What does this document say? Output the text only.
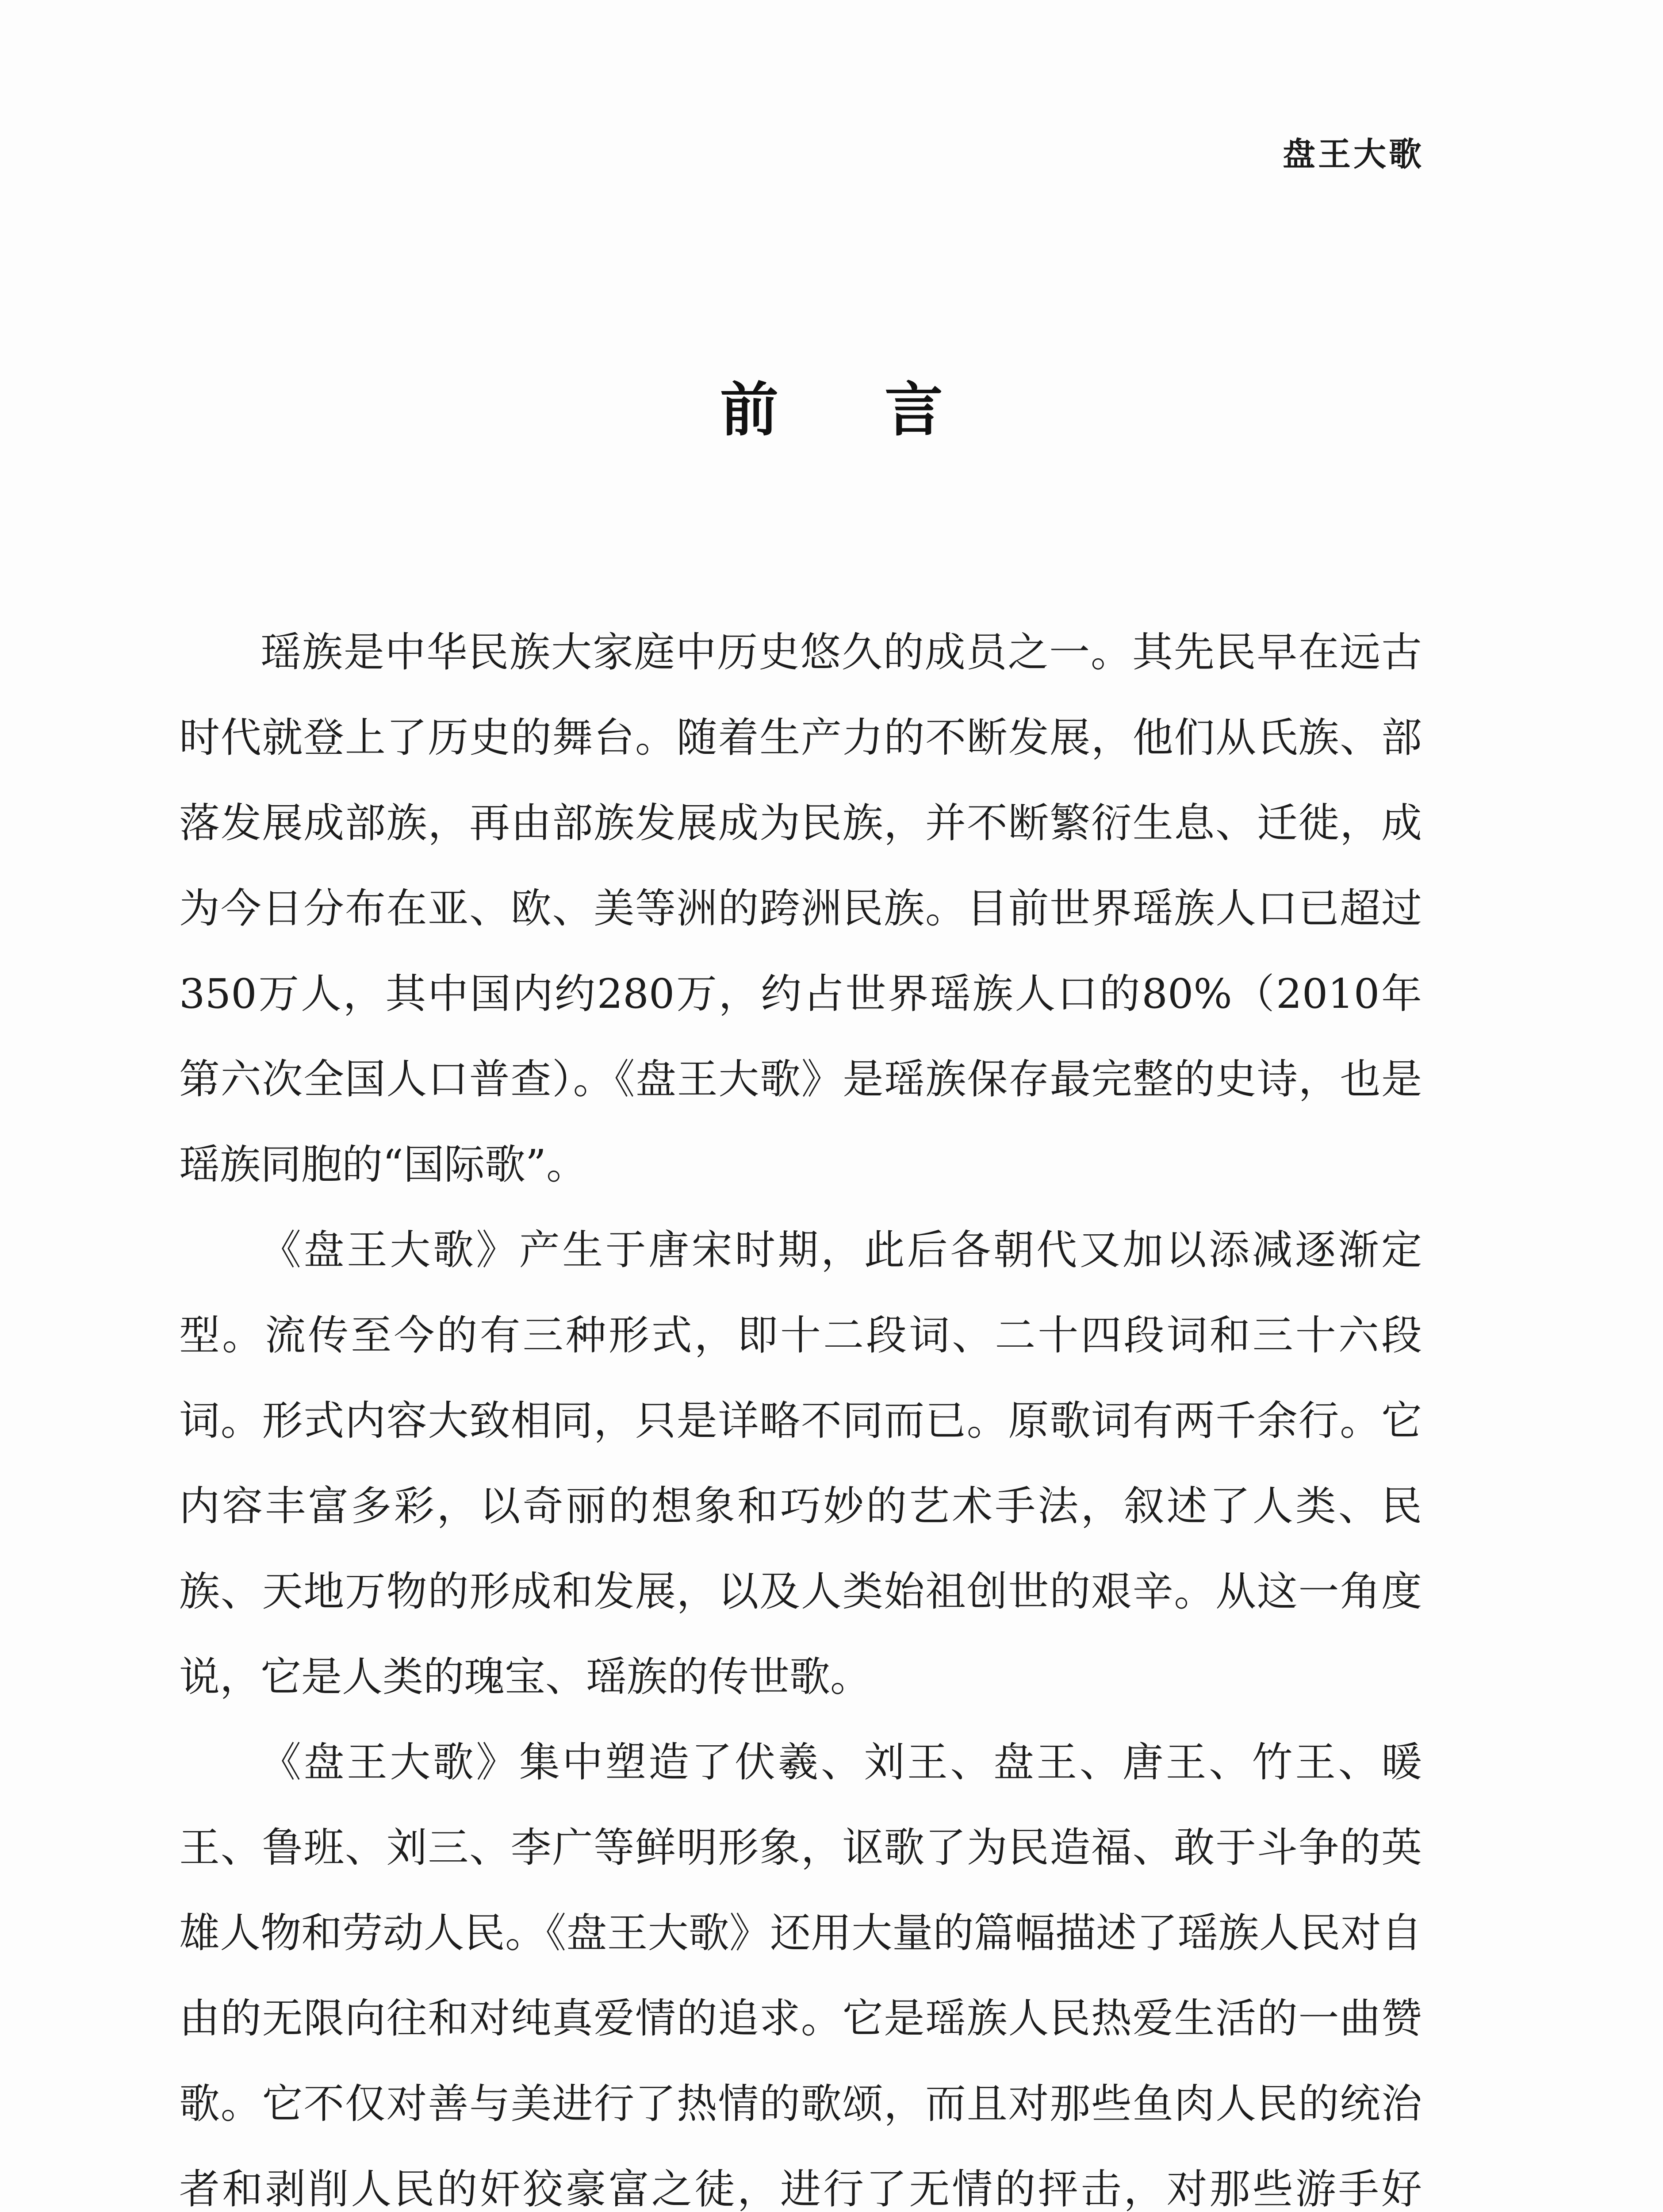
盘王大歌
前 言

瑶族是中华民族大家庭中历史悠久的成员之一。其先民早在远古时代就登上了历史的舞台。随着生产力的不断发展，他们从氏族、部落发展成部族，再由部族发展成为民族，并不断繁衍生息、迁徙，成为今日分布在亚、欧、美等洲的跨洲民族。目前世界瑶族人口已超过350万人，其中国内约280万，约占世界瑶族人口的80%（2010年第六次全国人口普查）。《盘王大歌》是瑶族保存最完整的史诗，也是瑶族同胞的“国际歌”。

《盘王大歌》产生于唐宋时期，此后各朝代又加以添减逐渐定型。流传至今的有三种形式，即十二段词、二十四段词和三十六段词。形式内容大致相同，只是详略不同而已。原歌词有两千余行。它内容丰富多彩，以奇丽的想象和巧妙的艺术手法，叙述了人类、民族、天地万物的形成和发展，以及人类始祖创世的艰辛。从这一角度说，它是人类的瑰宝、瑶族的传世歌。

《盘王大歌》集中塑造了伏羲、刘王、盘王、唐王、竹王、暖王、鲁班、刘三、李广等鲜明形象，讴歌了为民造福、敢于斗争的英雄人物和劳动人民。《盘王大歌》还用大量的篇幅描述了瑶族人民对自由的无限向往和对纯真爱情的追求。它是瑶族人民热爱生活的一曲赞歌。它不仅对善与美进行了热情的歌颂，而且对那些鱼肉人民的统治者和剥削人民的奸狡豪富之徒，进行了无情的抨击，对那些游手好
